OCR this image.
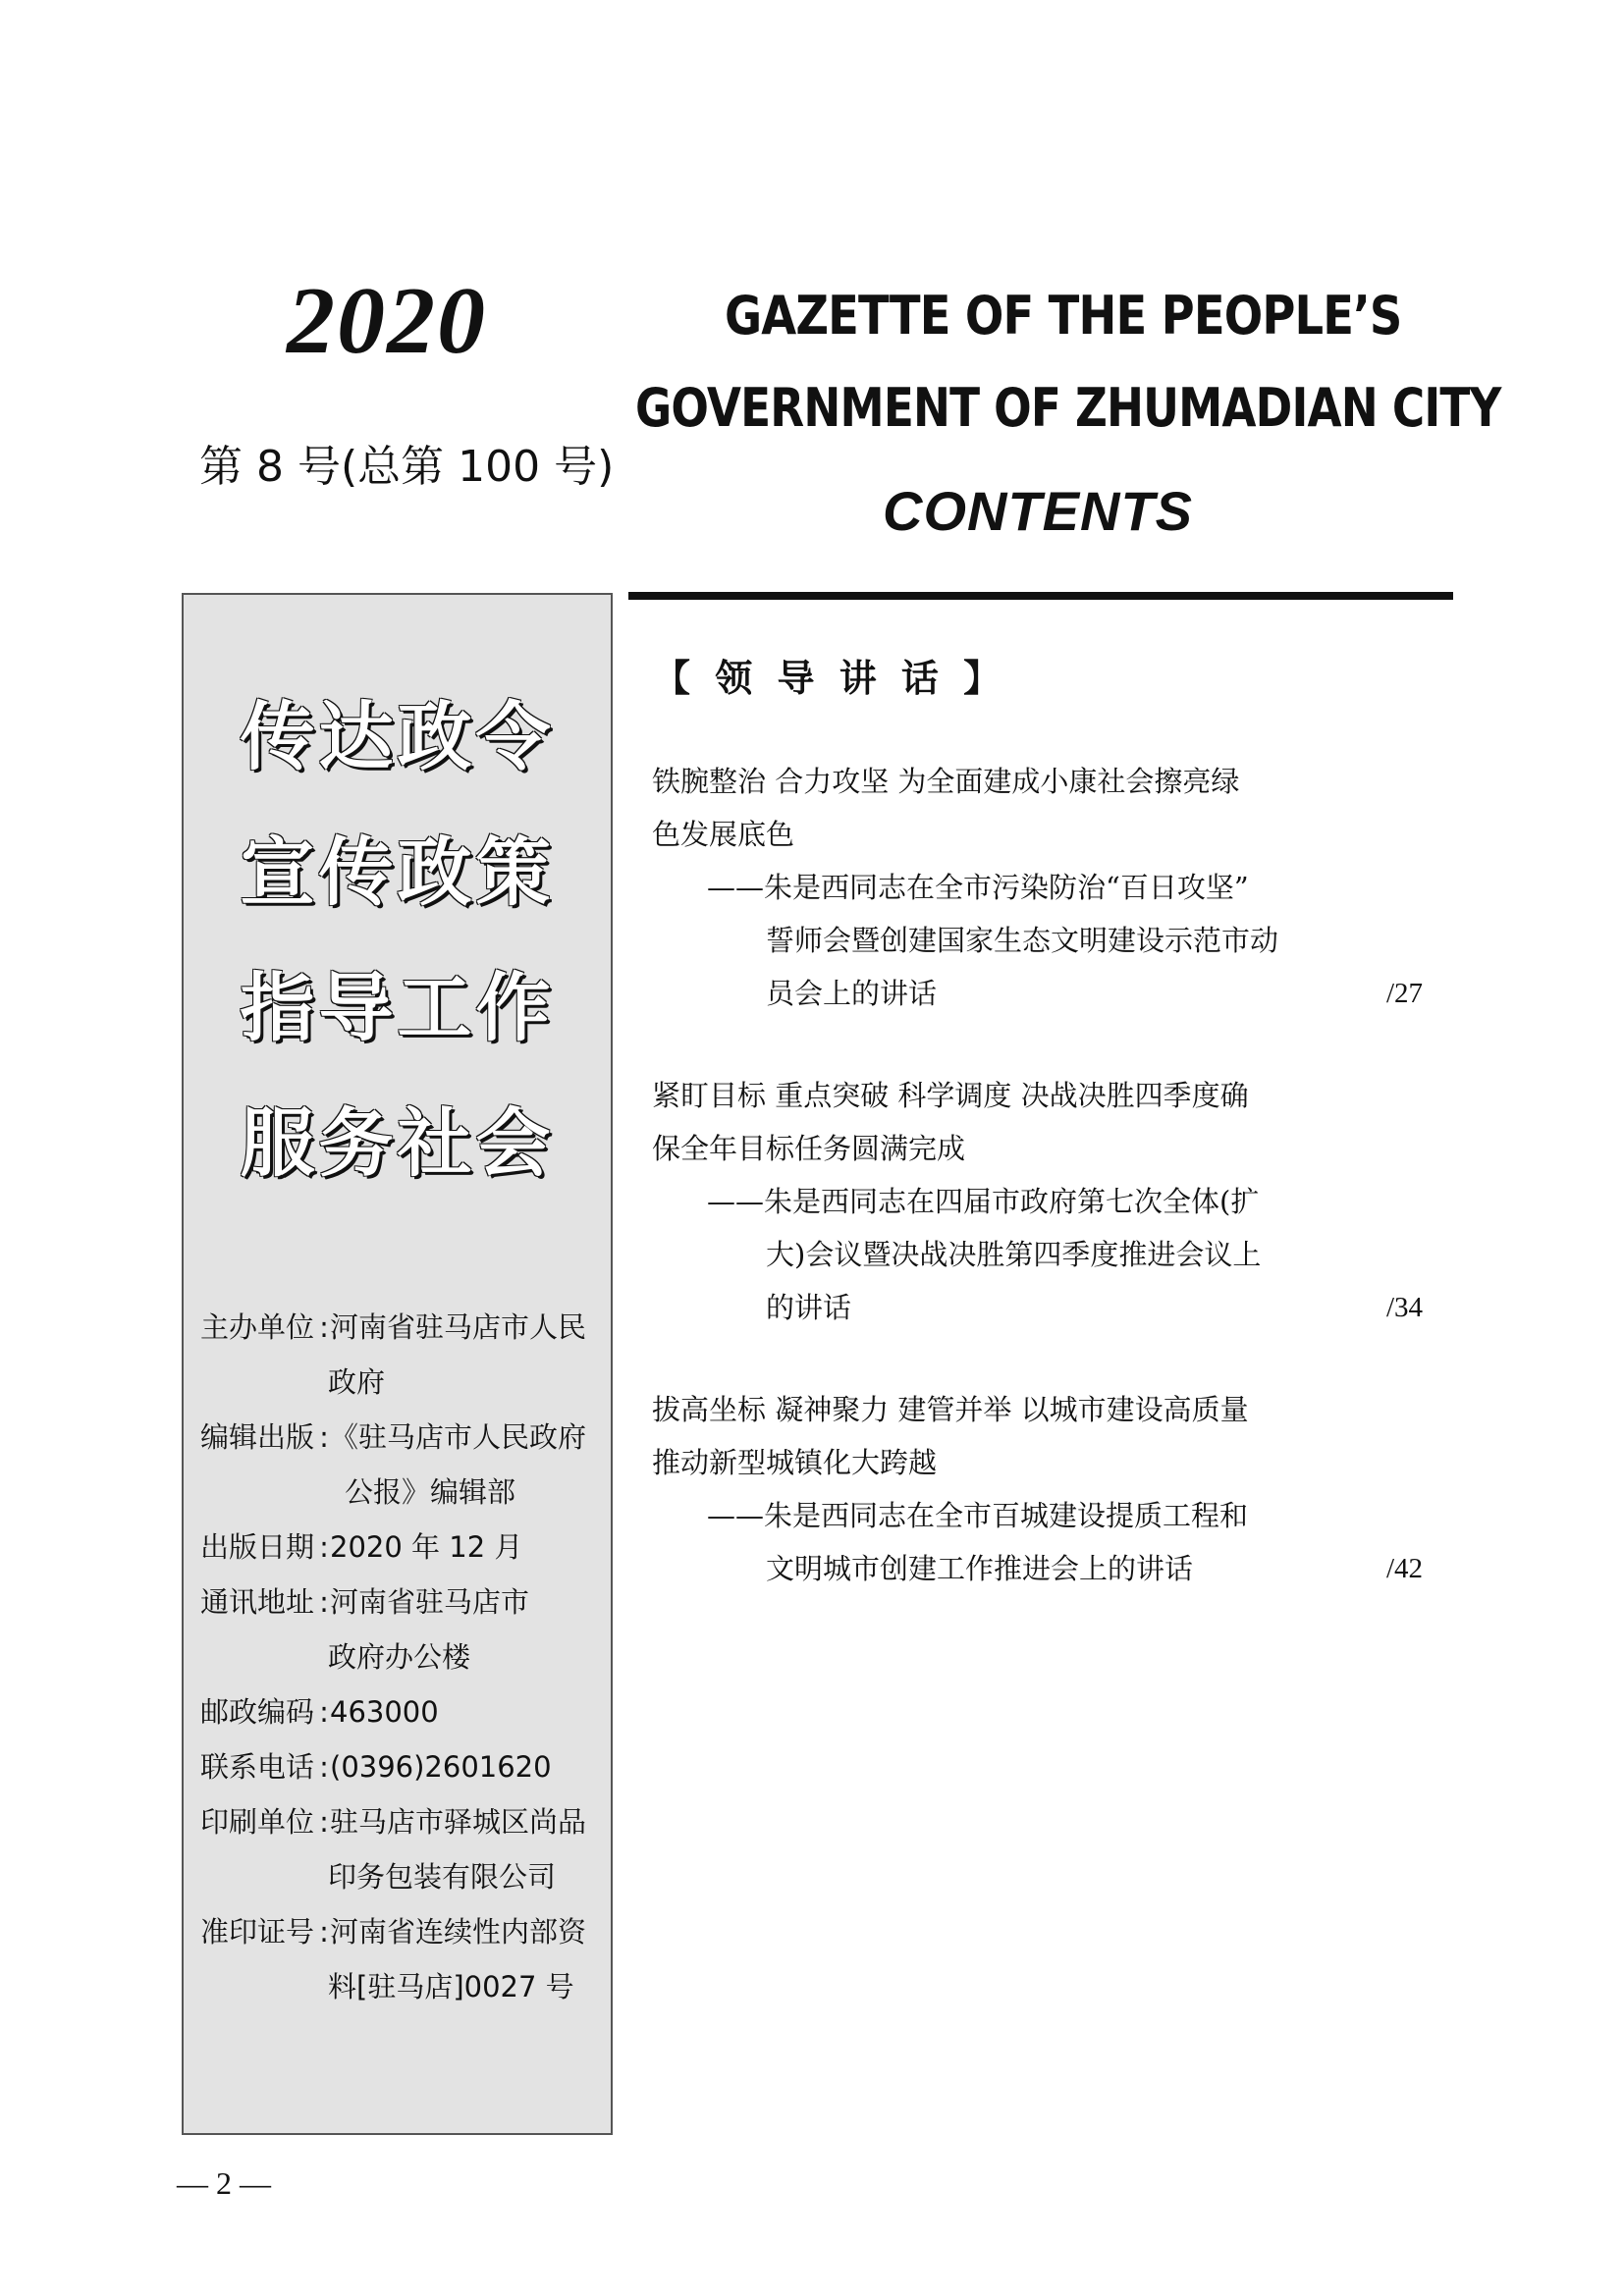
2020
第 8 号(总第 100 号)
GAZETTE OF THE PEOPLE’S
GOVERNMENT OF ZHUMADIAN CITY
CONTENTS
传达政令
宣传政策
指导工作
服务社会
主办单位 :河南省驻马店市人民
政府
编辑出版 :《驻马店市人民政府
公报》编辑部
出版日期 :2020 年 12 月
通讯地址 :河南省驻马店市
政府办公楼
邮政编码 :463000
联系电话 :(0396)2601620
印刷单位 :驻马店市驿城区尚品
印务包装有限公司
准印证号 :河南省连续性内部资
料[驻马店]0027 号
【 领 导 讲 话 】
铁腕整治 合力攻坚 为全面建成小康社会擦亮绿
色发展底色
——朱是西同志在全市污染防治“百日攻坚”
誓师会暨创建国家生态文明建设示范市动
员会上的讲话	/27
紧盯目标 重点突破 科学调度 决战决胜四季度确
保全年目标任务圆满完成
——朱是西同志在四届市政府第七次全体(扩
大)会议暨决战决胜第四季度推进会议上
的讲话	/34
拔高坐标 凝神聚力 建管并举 以城市建设高质量
推动新型城镇化大跨越
——朱是西同志在全市百城建设提质工程和
文明城市创建工作推进会上的讲话	/42
— 2 —
